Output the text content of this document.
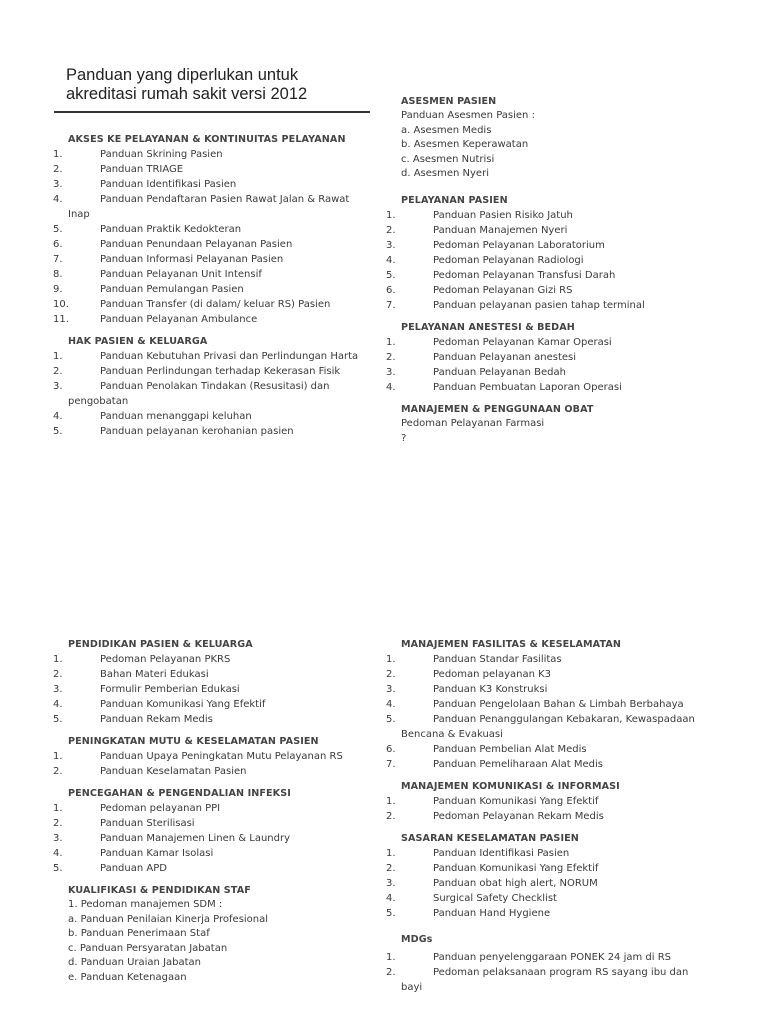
Panduan yang diperlukan untuk akreditasi rumah sakit versi 2012
AKSES KE PELAYANAN & KONTINUITAS PELAYANAN
1.	Panduan Skrining Pasien
2.	Panduan TRIAGE
3.	Panduan Identifikasi Pasien
4.	Panduan Pendaftaran Pasien Rawat Jalan & Rawat
Inap
5.	Panduan Praktik Kedokteran
6.	Panduan Penundaan Pelayanan Pasien
7.	Panduan Informasi Pelayanan Pasien
8.	Panduan Pelayanan Unit Intensif
9.	Panduan Pemulangan Pasien
10.	Panduan Transfer (di dalam/ keluar RS) Pasien
11.	Panduan Pelayanan Ambulance
HAK PASIEN & KELUARGA
1.	Panduan Kebutuhan Privasi dan Perlindungan Harta
2.	Panduan Perlindungan terhadap Kekerasan Fisik
3.	Panduan Penolakan Tindakan (Resusitasi) dan
pengobatan
4.	Panduan menanggapi keluhan
5.	Panduan pelayanan kerohanian pasien
ASESMEN PASIEN
Panduan Asesmen Pasien :
a. Asesmen Medis
b. Asesmen Keperawatan
c. Asesmen Nutrisi
d. Asesmen Nyeri
PELAYANAN PASIEN
1.	Panduan Pasien Risiko Jatuh
2.	Panduan Manajemen Nyeri
3.	Pedoman Pelayanan Laboratorium
4.	Pedoman Pelayanan Radiologi
5.	Pedoman Pelayanan Transfusi Darah
6.	Pedoman Pelayanan Gizi RS
7.	Panduan pelayanan pasien tahap terminal
PELAYANAN ANESTESI & BEDAH
1.	Pedoman Pelayanan Kamar Operasi
2.	Panduan Pelayanan anestesi
3.	Panduan Pelayanan Bedah
4.	Panduan Pembuatan Laporan Operasi
MANAJEMEN & PENGGUNAAN OBAT
Pedoman Pelayanan Farmasi
?
PENDIDIKAN PASIEN & KELUARGA
1.	Pedoman Pelayanan PKRS
2.	Bahan Materi Edukasi
3.	Formulir Pemberian Edukasi
4.	Panduan Komunikasi Yang Efektif
5.	Panduan Rekam Medis
PENINGKATAN MUTU & KESELAMATAN PASIEN
1.	Panduan Upaya Peningkatan Mutu Pelayanan RS
2.	Panduan Keselamatan Pasien
PENCEGAHAN & PENGENDALIAN INFEKSI
1.	Pedoman pelayanan PPI
2.	Panduan Sterilisasi
3.	Panduan Manajemen Linen & Laundry
4.	Panduan Kamar Isolasi
5.	Panduan APD
KUALIFIKASI & PENDIDIKAN STAF
1. Pedoman manajemen SDM :
a. Panduan Penilaian Kinerja Profesional
b. Panduan Penerimaan Staf
c. Panduan Persyaratan Jabatan
d. Panduan Uraian Jabatan
e. Panduan Ketenagaan
MANAJEMEN FASILITAS & KESELAMATAN
1.	Panduan Standar Fasilitas
2.	Pedoman pelayanan K3
3.	Panduan K3 Konstruksi
4.	Panduan Pengelolaan Bahan & Limbah Berbahaya
5.	Panduan Penanggulangan Kebakaran, Kewaspadaan
Bencana & Evakuasi
6.	Panduan Pembelian Alat Medis
7.	Panduan Pemeliharaan Alat Medis
MANAJEMEN KOMUNIKASI & INFORMASI
1.	Panduan Komunikasi Yang Efektif
2.	Pedoman Pelayanan Rekam Medis
SASARAN KESELAMATAN PASIEN
1.	Panduan Identifikasi Pasien
2.	Panduan Komunikasi Yang Efektif
3.	Panduan obat high alert, NORUM
4.	Surgical Safety Checklist
5.	Panduan Hand Hygiene
MDGs
1.	Panduan penyelenggaraan PONEK 24 jam di RS
2.	Pedoman pelaksanaan program RS sayang ibu dan
bayi
